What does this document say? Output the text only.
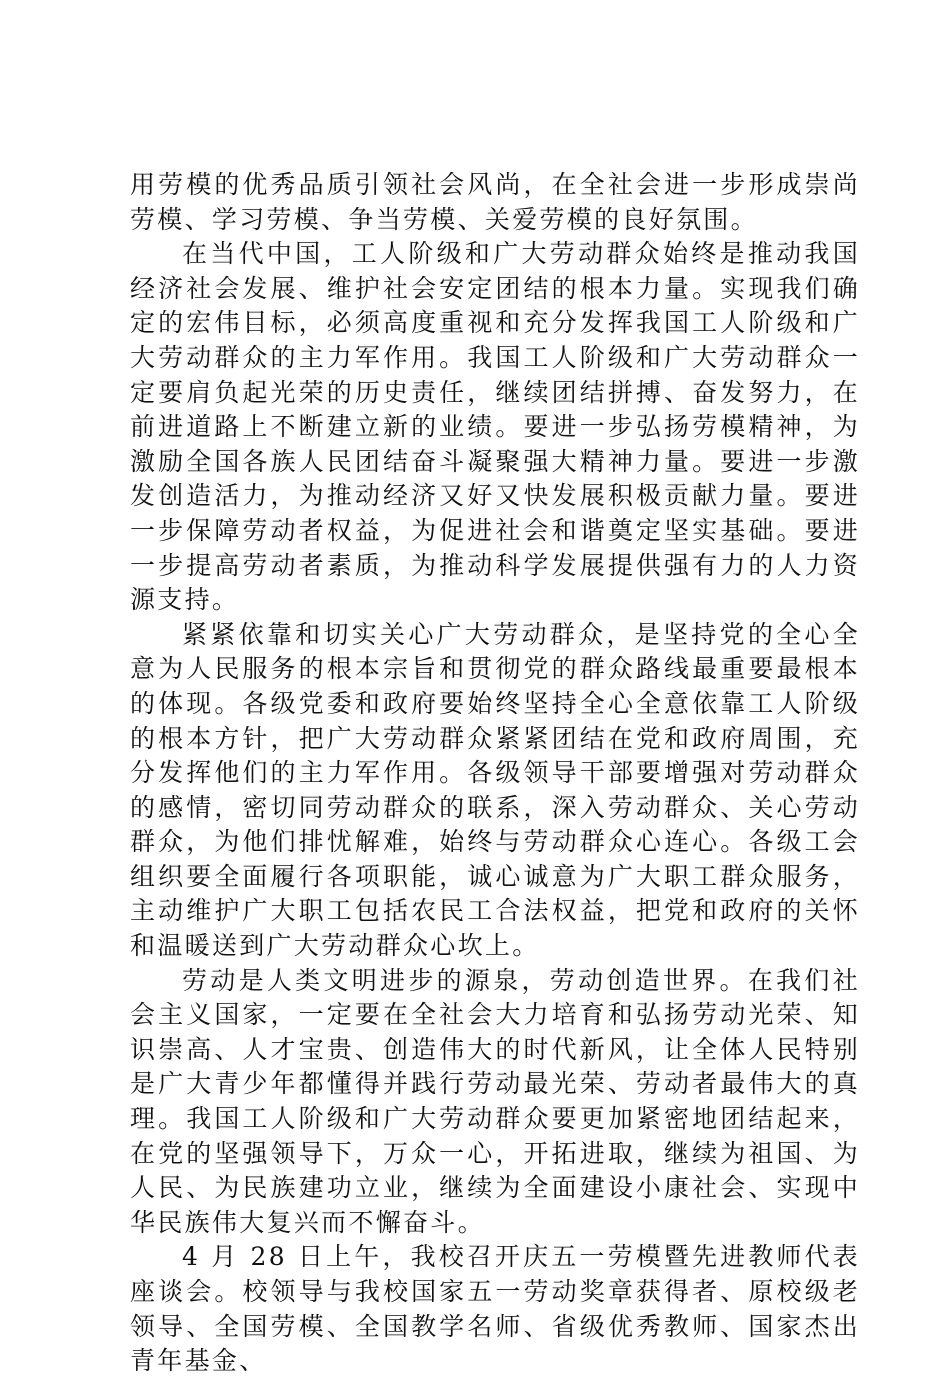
用劳模的优秀品质引领社会风尚，在全社会进一步形成崇尚劳模、学习劳模、争当劳模、关爱劳模的良好氛围。

在当代中国，工人阶级和广大劳动群众始终是推动我国经济社会发展、维护社会安定团结的根本力量。实现我们确定的宏伟目标，必须高度重视和充分发挥我国工人阶级和广大劳动群众的主力军作用。我国工人阶级和广大劳动群众一定要肩负起光荣的历史责任，继续团结拼搏、奋发努力，在前进道路上不断建立新的业绩。要进一步弘扬劳模精神，为激励全国各族人民团结奋斗凝聚强大精神力量。要进一步激发创造活力，为推动经济又好又快发展积极贡献力量。要进一步保障劳动者权益，为促进社会和谐奠定坚实基础。要进一步提高劳动者素质，为推动科学发展提供强有力的人力资源支持。

紧紧依靠和切实关心广大劳动群众，是坚持党的全心全意为人民服务的根本宗旨和贯彻党的群众路线最重要最根本的体现。各级党委和政府要始终坚持全心全意依靠工人阶级的根本方针，把广大劳动群众紧紧团结在党和政府周围，充分发挥他们的主力军作用。各级领导干部要增强对劳动群众的感情，密切同劳动群众的联系，深入劳动群众、关心劳动群众，为他们排忧解难，始终与劳动群众心连心。各级工会组织要全面履行各项职能，诚心诚意为广大职工群众服务，主动维护广大职工包括农民工合法权益，把党和政府的关怀和温暖送到广大劳动群众心坎上。

劳动是人类文明进步的源泉，劳动创造世界。在我们社会主义国家，一定要在全社会大力培育和弘扬劳动光荣、知识崇高、人才宝贵、创造伟大的时代新风，让全体人民特别是广大青少年都懂得并践行劳动最光荣、劳动者最伟大的真理。我国工人阶级和广大劳动群众要更加紧密地团结起来，在党的坚强领导下，万众一心，开拓进取，继续为祖国、为人民、为民族建功立业，继续为全面建设小康社会、实现中华民族伟大复兴而不懈奋斗。

4 月 28 日上午，我校召开庆五一劳模暨先进教师代表座谈会。校领导与我校国家五一劳动奖章获得者、原校级老领导、全国劳模、全国教学名师、省级优秀教师、国家杰出青年基金、
